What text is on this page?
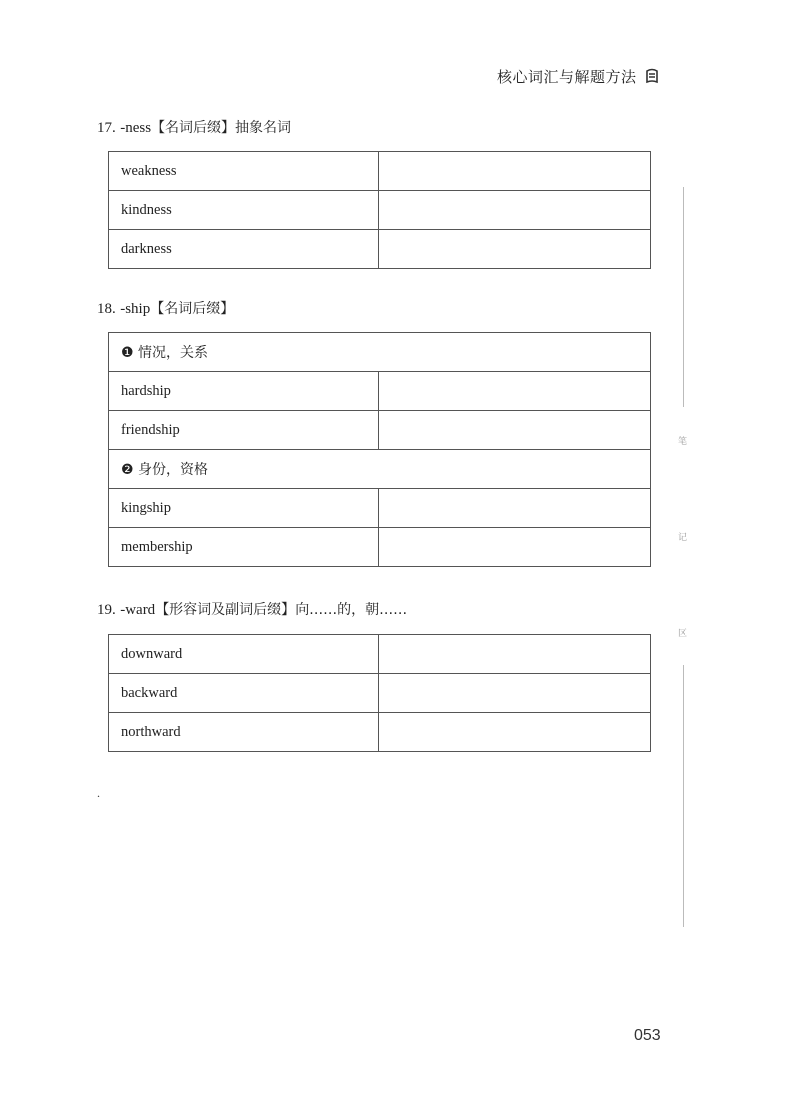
核心词汇与解题方法
17. -ness【名词后缀】抽象名词
weakness	
kindness	
darkness	
18. -ship【名词后缀】
❶ 情况，关系	
hardship	
friendship	
❷ 身份，资格	
kingship	
membership	
19. -ward【形容词及副词后缀】向……的，朝……
downward	
backward	
northward	
.
笔
记
区
053
